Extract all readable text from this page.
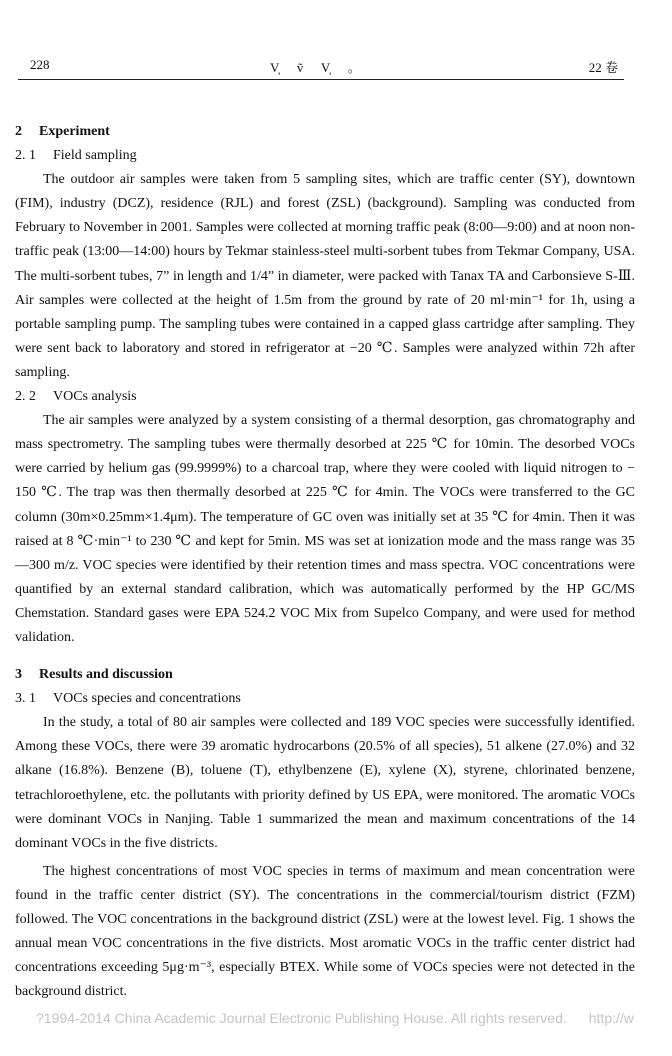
228	V̦   ṽ   V̦   。	22 卷
2 Experiment
2. 1 Field sampling

The outdoor air samples were taken from 5 sampling sites, which are traffic center (SY), downtown (FIM), industry (DCZ), residence (RJL) and forest (ZSL) (background). Sampling was conducted from February to November in 2001. Samples were collected at morning traffic peak (8:00—9:00) and at noon non-traffic peak (13:00—14:00) hours by Tekmar stainless-steel multi-sorbent tubes from Tekmar Company, USA. The multi-sorbent tubes, 7” in length and 1/4” in diameter, were packed with Tanax TA and Carbonsieve S-Ⅲ. Air samples were collected at the height of 1.5m from the ground by rate of 20 ml·min⁻¹ for 1h, using a portable sampling pump. The sampling tubes were contained in a capped glass cartridge after sampling. They were sent back to laboratory and stored in refrigerator at −20 ℃. Samples were analyzed within 72h after sampling.

2. 2 VOCs analysis

The air samples were analyzed by a system consisting of a thermal desorption, gas chromatography and mass spectrometry. The sampling tubes were thermally desorbed at 225 ℃ for 10min. The desorbed VOCs were carried by helium gas (99.9999%) to a charcoal trap, where they were cooled with liquid nitrogen to − 150 ℃. The trap was then thermally desorbed at 225 ℃ for 4min. The VOCs were transferred to the GC column (30m×0.25mm×1.4μm). The temperature of GC oven was initially set at 35 ℃ for 4min. Then it was raised at 8 ℃·min⁻¹ to 230 ℃ and kept for 5min. MS was set at ionization mode and the mass range was 35—300 m/z. VOC species were identified by their retention times and mass spectra. VOC concentrations were quantified by an external standard calibration, which was automatically performed by the HP GC/MS Chemstation. Standard gases were EPA 524.2 VOC Mix from Supelco Company, and were used for method validation.

3 Results and discussion
3. 1 VOCs species and concentrations

In the study, a total of 80 air samples were collected and 189 VOC species were successfully identified. Among these VOCs, there were 39 aromatic hydrocarbons (20.5% of all species), 51 alkene (27.0%) and 32 alkane (16.8%). Benzene (B), toluene (T), ethylbenzene (E), xylene (X), styrene, chlorinated benzene, tetrachloroethylene, etc. the pollutants with priority defined by US EPA, were monitored. The aromatic VOCs were dominant VOCs in Nanjing. Table 1 summarized the mean and maximum concentrations of the 14 dominant VOCs in the five districts.

The highest concentrations of most VOC species in terms of maximum and mean concentration were found in the traffic center district (SY). The concentrations in the commercial/tourism district (FZM) followed. The VOC concentrations in the background district (ZSL) were at the lowest level. Fig. 1 shows the annual mean VOC concentrations in the five districts. Most aromatic VOCs in the traffic center district had concentrations exceeding 5μg·m⁻³, especially BTEX. While some of VOCs species were not detected in the background district.

?1994-2014 China Academic Journal Electronic Publishing House. All rights reserved. http://w
